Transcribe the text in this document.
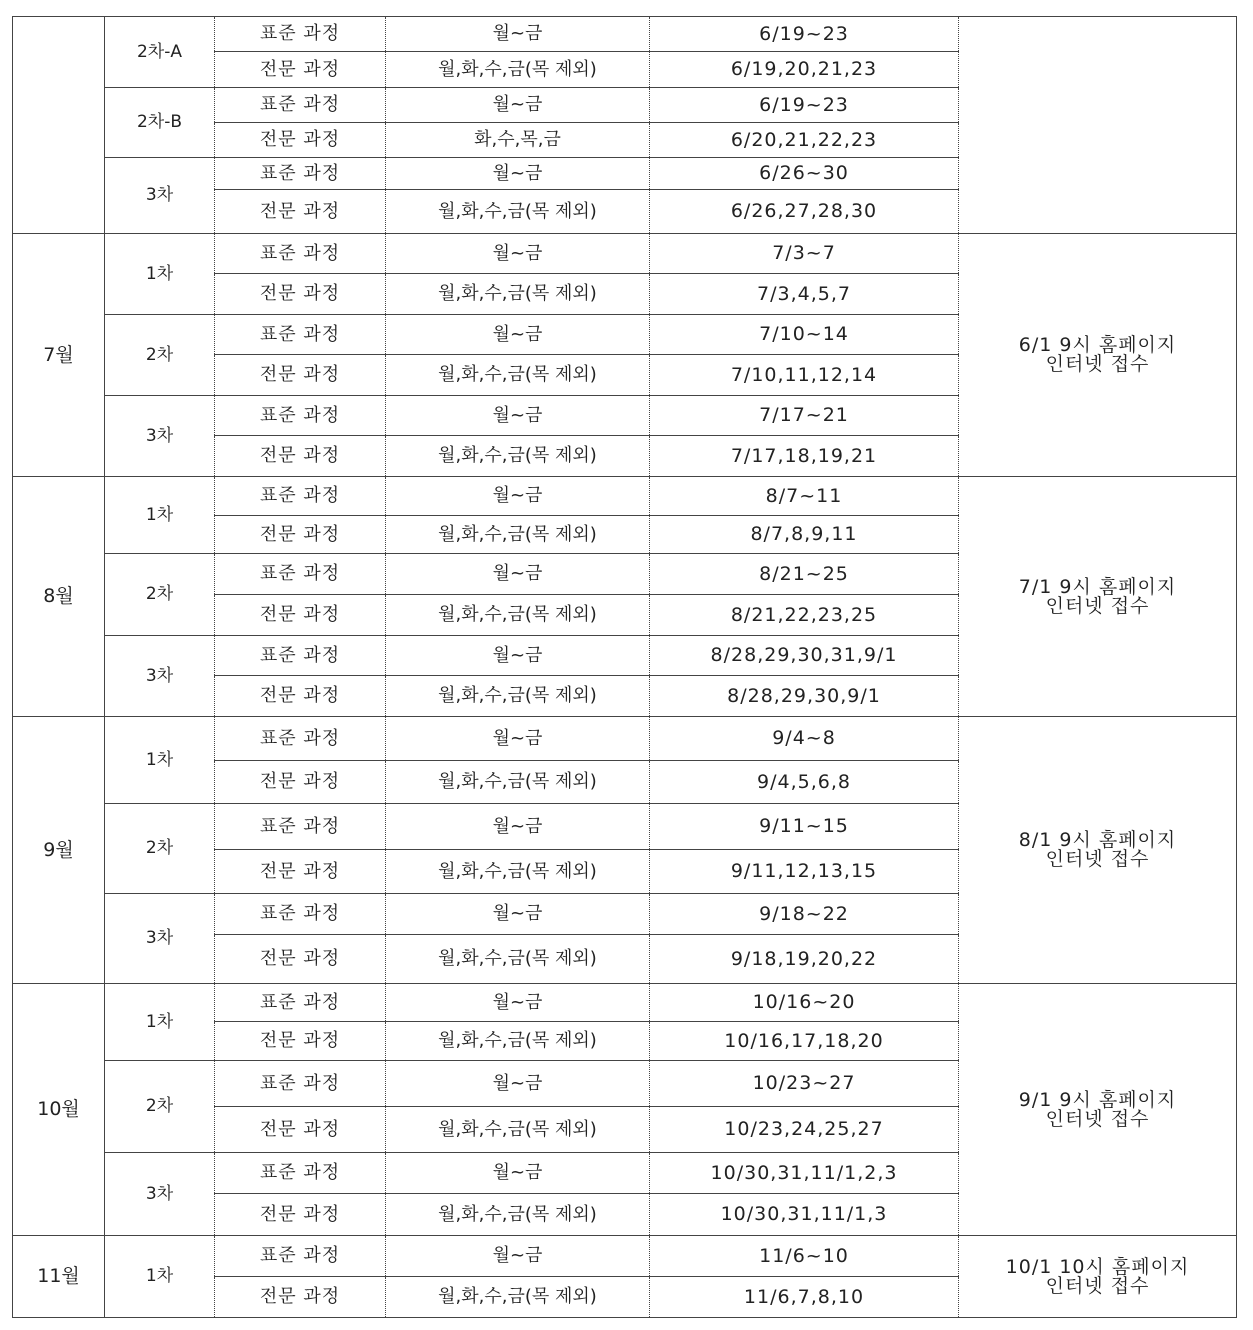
	2차-A	표준 과정	월~금	6/19~23	

		전문 과정	월,화,수,금(목 제외)	6/19,20,21,23	
	2차-B	표준 과정	월~금	6/19~23	
		전문 과정	화,수,목,금	6/20,21,22,23	
	3차	표준 과정	월~금	6/26~30	
		전문 과정	월,화,수,금(목 제외)	6/26,27,28,30	
7월	1차	표준 과정	월~금	7/3~7	6/1 9시 홈페이지
인터넷 접수

		전문 과정	월,화,수,금(목 제외)	7/3,4,5,7	
	2차	표준 과정	월~금	7/10~14	
		전문 과정	월,화,수,금(목 제외)	7/10,11,12,14	
	3차	표준 과정	월~금	7/17~21	
		전문 과정	월,화,수,금(목 제외)	7/17,18,19,21	
8월	1차	표준 과정	월~금	8/7~11	7/1 9시 홈페이지
인터넷 접수

		전문 과정	월,화,수,금(목 제외)	8/7,8,9,11	
	2차	표준 과정	월~금	8/21~25	
		전문 과정	월,화,수,금(목 제외)	8/21,22,23,25	
	3차	표준 과정	월~금	8/28,29,30,31,9/1	
		전문 과정	월,화,수,금(목 제외)	8/28,29,30,9/1	
9월	1차	표준 과정	월~금	9/4~8	8/1 9시 홈페이지
인터넷 접수

		전문 과정	월,화,수,금(목 제외)	9/4,5,6,8	
	2차	표준 과정	월~금	9/11~15	
		전문 과정	월,화,수,금(목 제외)	9/11,12,13,15	
	3차	표준 과정	월~금	9/18~22	
		전문 과정	월,화,수,금(목 제외)	9/18,19,20,22	
10월	1차	표준 과정	월~금	10/16~20	9/1 9시 홈페이지
인터넷 접수

		전문 과정	월,화,수,금(목 제외)	10/16,17,18,20	
	2차	표준 과정	월~금	10/23~27	
		전문 과정	월,화,수,금(목 제외)	10/23,24,25,27	
	3차	표준 과정	월~금	10/30,31,11/1,2,3	
		전문 과정	월,화,수,금(목 제외)	10/30,31,11/1,3	
11월	1차	표준 과정	월~금	11/6~10	10/1 10시 홈페이지
인터넷 접수

		전문 과정	월,화,수,금(목 제외)	11/6,7,8,10	
